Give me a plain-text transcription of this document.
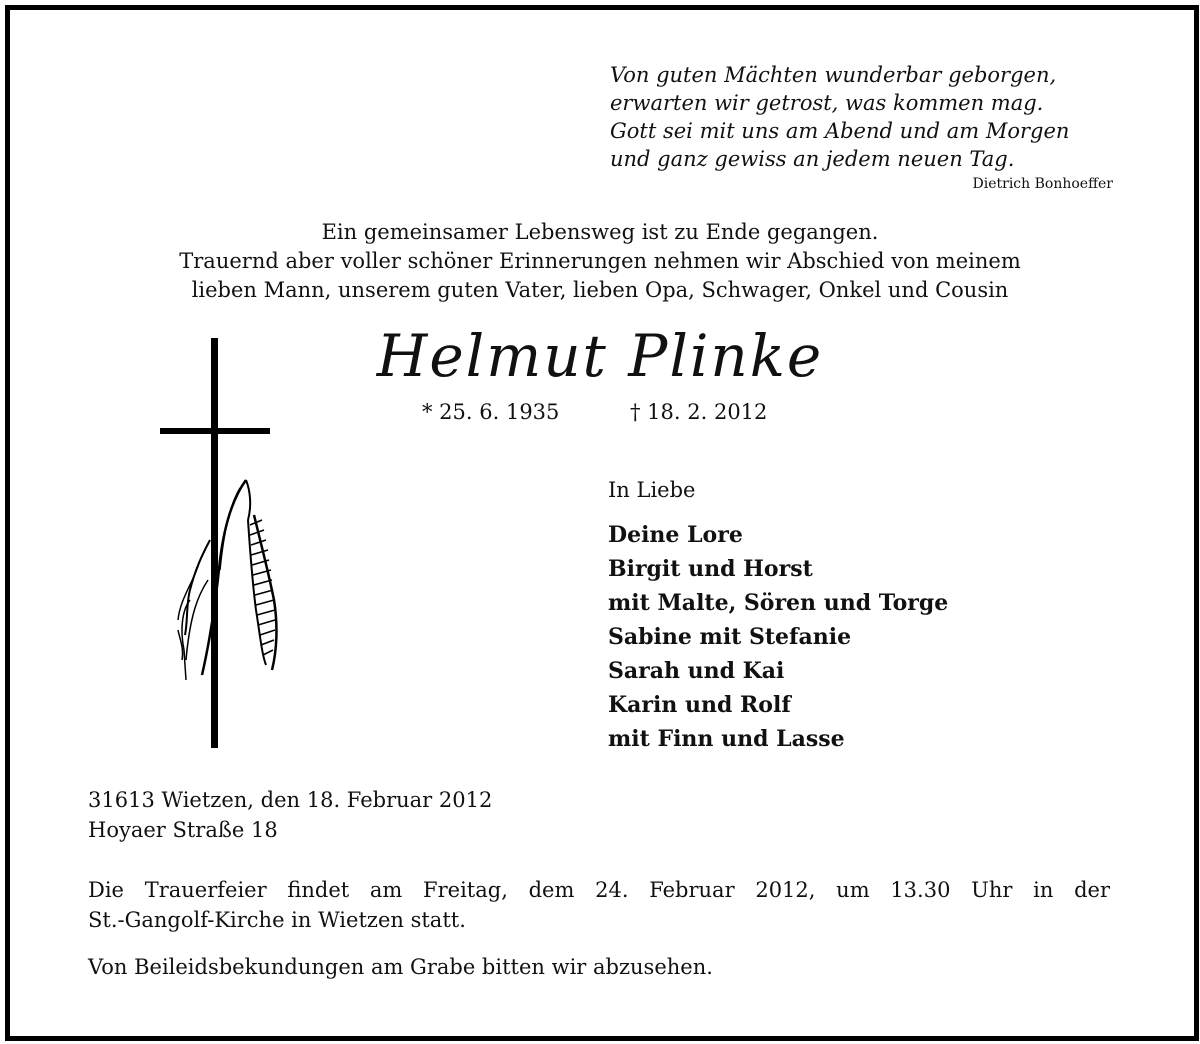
Von guten Mächten wunderbar geborgen,
erwarten wir getrost, was kommen mag.
Gott sei mit uns am Abend und am Morgen
und ganz gewiss an jedem neuen Tag.
Dietrich Bonhoeffer
Ein gemeinsamer Lebensweg ist zu Ende gegangen.
Trauernd aber voller schöner Erinnerungen nehmen wir Abschied von meinem
lieben Mann, unserem guten Vater, lieben Opa, Schwager, Onkel und Cousin
Helmut Plinke
* 25. 6. 1935	† 18. 2. 2012
In Liebe
Deine Lore
Birgit und Horst
mit Malte, Sören und Torge
Sabine mit Stefanie
Sarah und Kai
Karin und Rolf
mit Finn und Lasse
31613 Wietzen, den 18. Februar 2012
Hoyaer Straße 18
Die Trauerfeier findet am Freitag, dem 24. Februar 2012, um 13.30 Uhr in der
St.-Gangolf-Kirche in Wietzen statt.
Von Beileidsbekundungen am Grabe bitten wir abzusehen.
